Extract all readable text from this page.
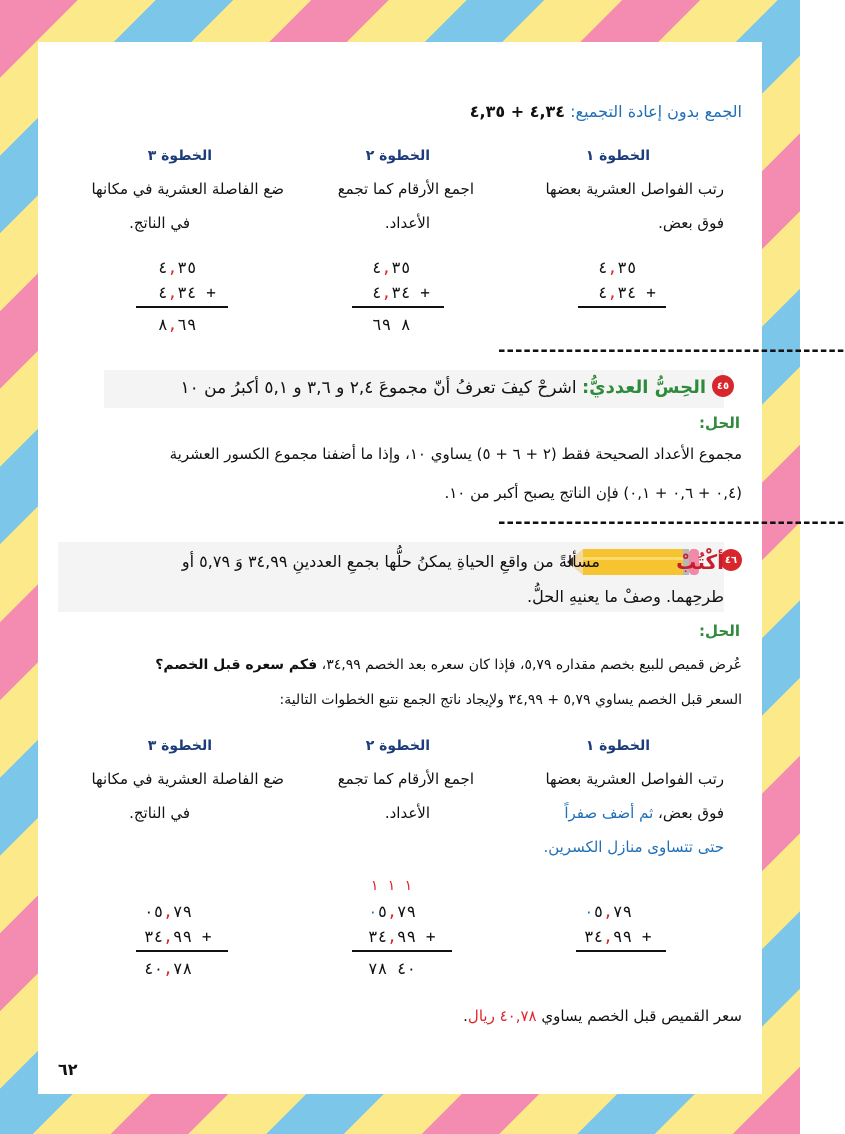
الجمع بدون إعادة التجميع: ٤,٣٤ + ٤,٣٥
الخطوة ١
الخطوة ٢
الخطوة ٣
رتب الفواصل العشرية بعضها
فوق بعض.
اجمع الأرقام كما تجمع
الأعداد.
ضع الفاصلة العشرية في مكانها
في الناتج.
٤,٣٥
٤,٣٤ +
٤,٣٥
٤,٣٤ +
٨ ٦٩
٤,٣٥
٤,٣٤ +
٨,٦٩
-----------------------------------------
٤٥
الحِسُّ العدديُّ: اشرحْ كيفَ تعرفُ أنّ مجموعَ ٢,٤ و ٣,٦ و ٥,١ أكبرُ من ١٠
الحل:
مجموع الأعداد الصحيحة فقط (٢ + ٦ + ٥) يساوي ١٠، وإذا ما أضفنا مجموع الكسور العشرية
(٠,٤ + ٠,٦ + ٠,١) فإن الناتج يصبح أكبر من ١٠.
-----------------------------------------
٤٦
أكْتُبْ
مسألةً من واقعِ الحياةِ يمكنُ حلُّها بجمعِ العددينِ ٣٤,٩٩ وَ ٥,٧٩ أو
طرحِهما. وصفْ ما يعنيهِ الحلُّ.
الحل:
عُرض قميص للبيع بخصم مقداره ٥,٧٩، فإذا كان سعره بعد الخصم ٣٤,٩٩، فكم سعره قبل الخصم؟
السعر قبل الخصم يساوي ٥,٧٩ + ٣٤,٩٩ ولإيجاد ناتج الجمع نتبع الخطوات التالية:
الخطوة ١
الخطوة ٢
الخطوة ٣
رتب الفواصل العشرية بعضها
فوق بعض، ثم أضف صفراً
حتى تتساوى منازل الكسرين.
اجمع الأرقام كما تجمع
الأعداد.
ضع الفاصلة العشرية في مكانها
في الناتج.
١ ١ ١
٠٥,٧٩
٣٤,٩٩ +
٠٥,٧٩
٣٤,٩٩ +
٤٠ ٧٨
٠٥,٧٩
٣٤,٩٩ +
٤٠,٧٨
سعر القميص قبل الخصم يساوي ٤٠,٧٨ ريال.
٦٢
